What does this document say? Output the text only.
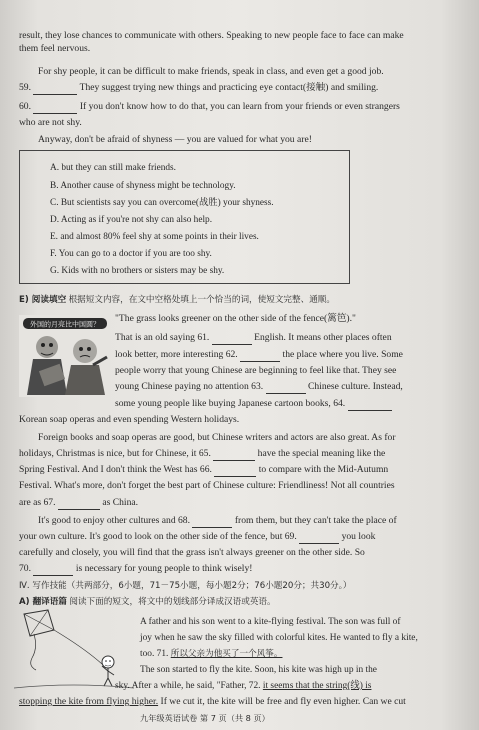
result, they lose chances to communicate with others. Speaking to new people face to face can make
them feel nervous.
For shy people, it can be difficult to make friends, speak in class, and even get a good job.
59.	They suggest trying new things and practicing eye contact(接触) and smiling.
60.	If you don't know how to do that, you can learn from your friends or even strangers
who are not shy.
Anyway, don't be afraid of shyness — you are valued for what you are!
A. but they can still make friends.
B. Another cause of shyness might be technology.
C. But scientists say you can overcome(战胜) your shyness.
D. Acting as if you're not shy can also help.
E. and almost 80% feel shy at some points in their lives.
F. You can go to a doctor if you are too shy.
G. Kids with no brothers or sisters may be shy.
E) 阅读填空 根据短文内容，在文中空格处填上一个恰当的词，使短文完整、通顺。
外国的月亮比中国圆？
"The grass looks greener on the other side of the fence(篱笆)."
That is an old saying 61.	English. It means other places often
look better, more interesting 62.	the place where you live. Some
people worry that young Chinese are beginning to feel like that. They see
young Chinese paying no attention 63.	Chinese culture. Instead,
some young people like buying Japanese cartoon books, 64.
Korean soap operas and even spending Western holidays.
Foreign books and soap operas are good, but Chinese writers and actors are also great. As for
holidays, Christmas is nice, but for Chinese, it 65.	have the special meaning like the
Spring Festival. And I don't think the West has 66.	to compare with the Mid-Autumn
Festival. What's more, don't forget the best part of Chinese culture: Friendliness! Not all countries
are as 67.	as China.
It's good to enjoy other cultures and 68.	from them, but they can't take the place of
your own culture. It's good to look on the other side of the fence, but 69.	you look
carefully and closely, you will find that the grass isn't always greener on the other side. So
70.	is necessary for young people to think wisely!
Ⅳ. 写作技能（共两部分，6小题，71－75小题，每小题2分；76小题20分；共30分。）
A) 翻译语篇 阅读下面的短文，将文中的划线部分译成汉语或英语。
A father and his son went to a kite-flying festival. The son was full of
joy when he saw the sky filled with colorful kites. He wanted to fly a kite,
too. 71. 所以父亲为他买了一个风筝。
The son started to fly the kite. Soon, his kite was high up in the
sky. After a while, he said, "Father, 72. it seems that the string(线) is
stopping the kite from flying higher. If we cut it, the kite will be free and fly even higher. Can we cut
九年级英语试卷 第 7 页（共 8 页）
